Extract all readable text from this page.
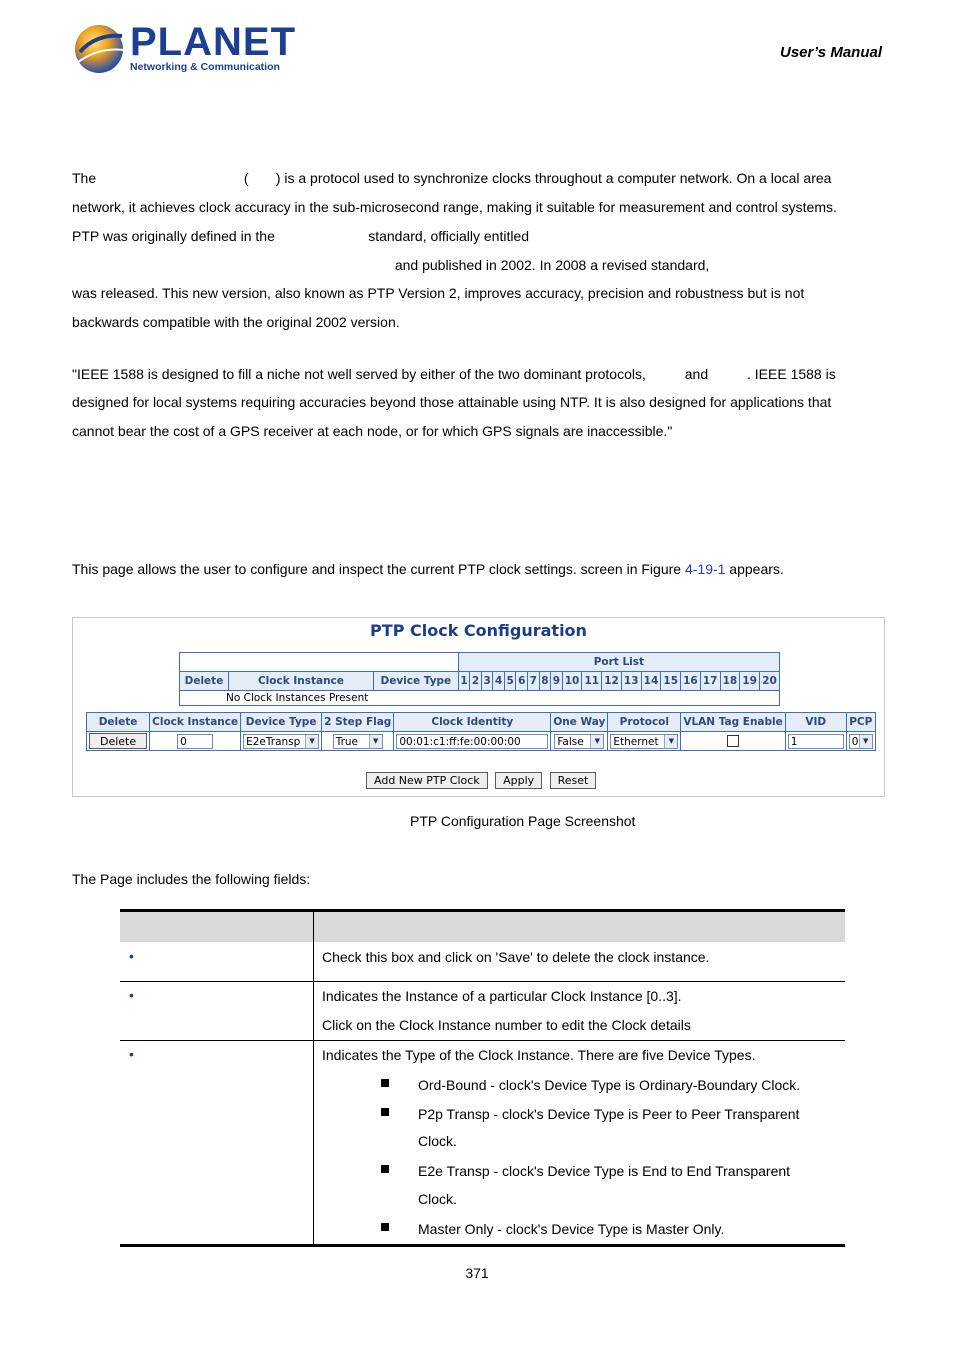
PLANET
Networking & Communication
User’s Manual
The                                      (       ) is a protocol used to synchronize clocks throughout a computer network. On a local area
network, it achieves clock accuracy in the sub-microsecond range, making it suitable for measurement and control systems.
PTP was originally defined in the                        standard, officially entitled
and published in 2002. In 2008 a revised standard,
was released. This new version, also known as PTP Version 2, improves accuracy, precision and robustness but is not
backwards compatible with the original 2002 version.
"IEEE 1588 is designed to fill a niche not well served by either of the two dominant protocols,          and          . IEEE 1588 is
designed for local systems requiring accuracies beyond those attainable using NTP. It is also designed for applications that
cannot bear the cost of a GPS receiver at each node, or for which GPS signals are inaccessible."
This page allows the user to configure and inspect the current PTP clock settings. screen in Figure 4-19-1 appears.
PTP Clock Configuration
			Port List																			
Delete	Clock Instance	Device Type	1	2	3	4	5	6	7	8	9	10	11	12	13	14	15	16	17	18	19	20
No Clock Instances Present																						
Delete	Clock Instance	Device Type	2 Step Flag	Clock Identity	One Way	Protocol	VLAN Tag Enable	VID	PCP
Delete	0	E2eTransp ▼	True ▼	00:01:c1:ff:fe:00:00:00	False ▼	Ethernet ▼		1	0 ▼
Add New PTP Clock Apply Reset
PTP Configuration Page Screenshot
The Page includes the following fields:
•	Check this box and click on 'Save' to delete the clock instance.
•	Indicates the Instance of a particular Clock Instance [0..3].
Click on the Clock Instance number to edit the Clock details
•	Indicates the Type of the Clock Instance. There are five Device Types.
Ord-Bound - clock's Device Type is Ordinary-Boundary Clock.
P2p Transp - clock's Device Type is Peer to Peer Transparent
Clock.
E2e Transp - clock's Device Type is End to End Transparent
Clock.
Master Only - clock's Device Type is Master Only.
371
